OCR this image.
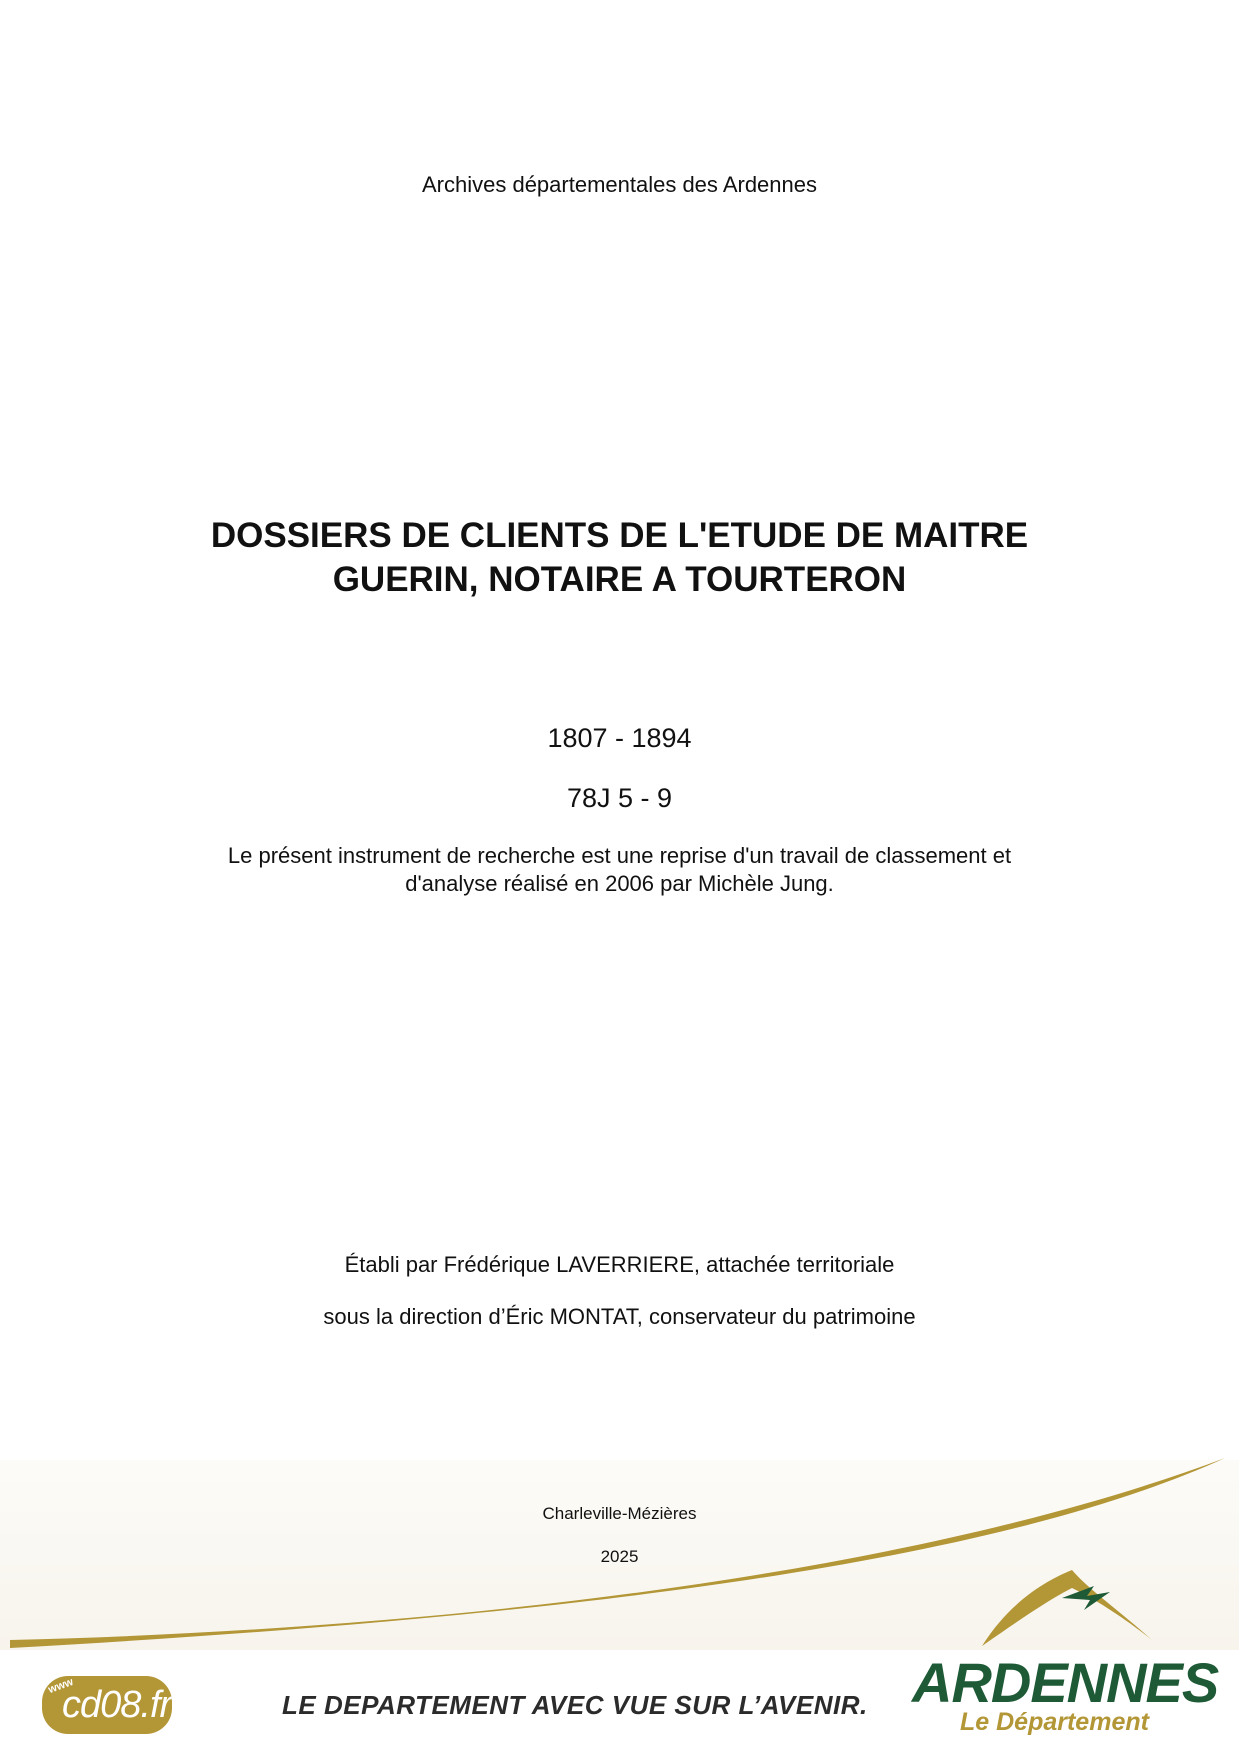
Archives départementales des Ardennes
DOSSIERS DE CLIENTS DE L'ETUDE DE MAITRE
GUERIN, NOTAIRE A TOURTERON
1807 - 1894
78J 5 - 9
Le présent instrument de recherche est une reprise d'un travail de classement et
d'analyse réalisé en 2006 par Michèle Jung.
Établi par Frédérique LAVERRIERE, attachée territoriale
sous la direction d’Éric MONTAT, conservateur du patrimoine
Charleville-Mézières
2025
www
cd08.fr	LE DEPARTEMENT AVEC VUE SUR L’AVENIR. ARDENNES
Le Département
